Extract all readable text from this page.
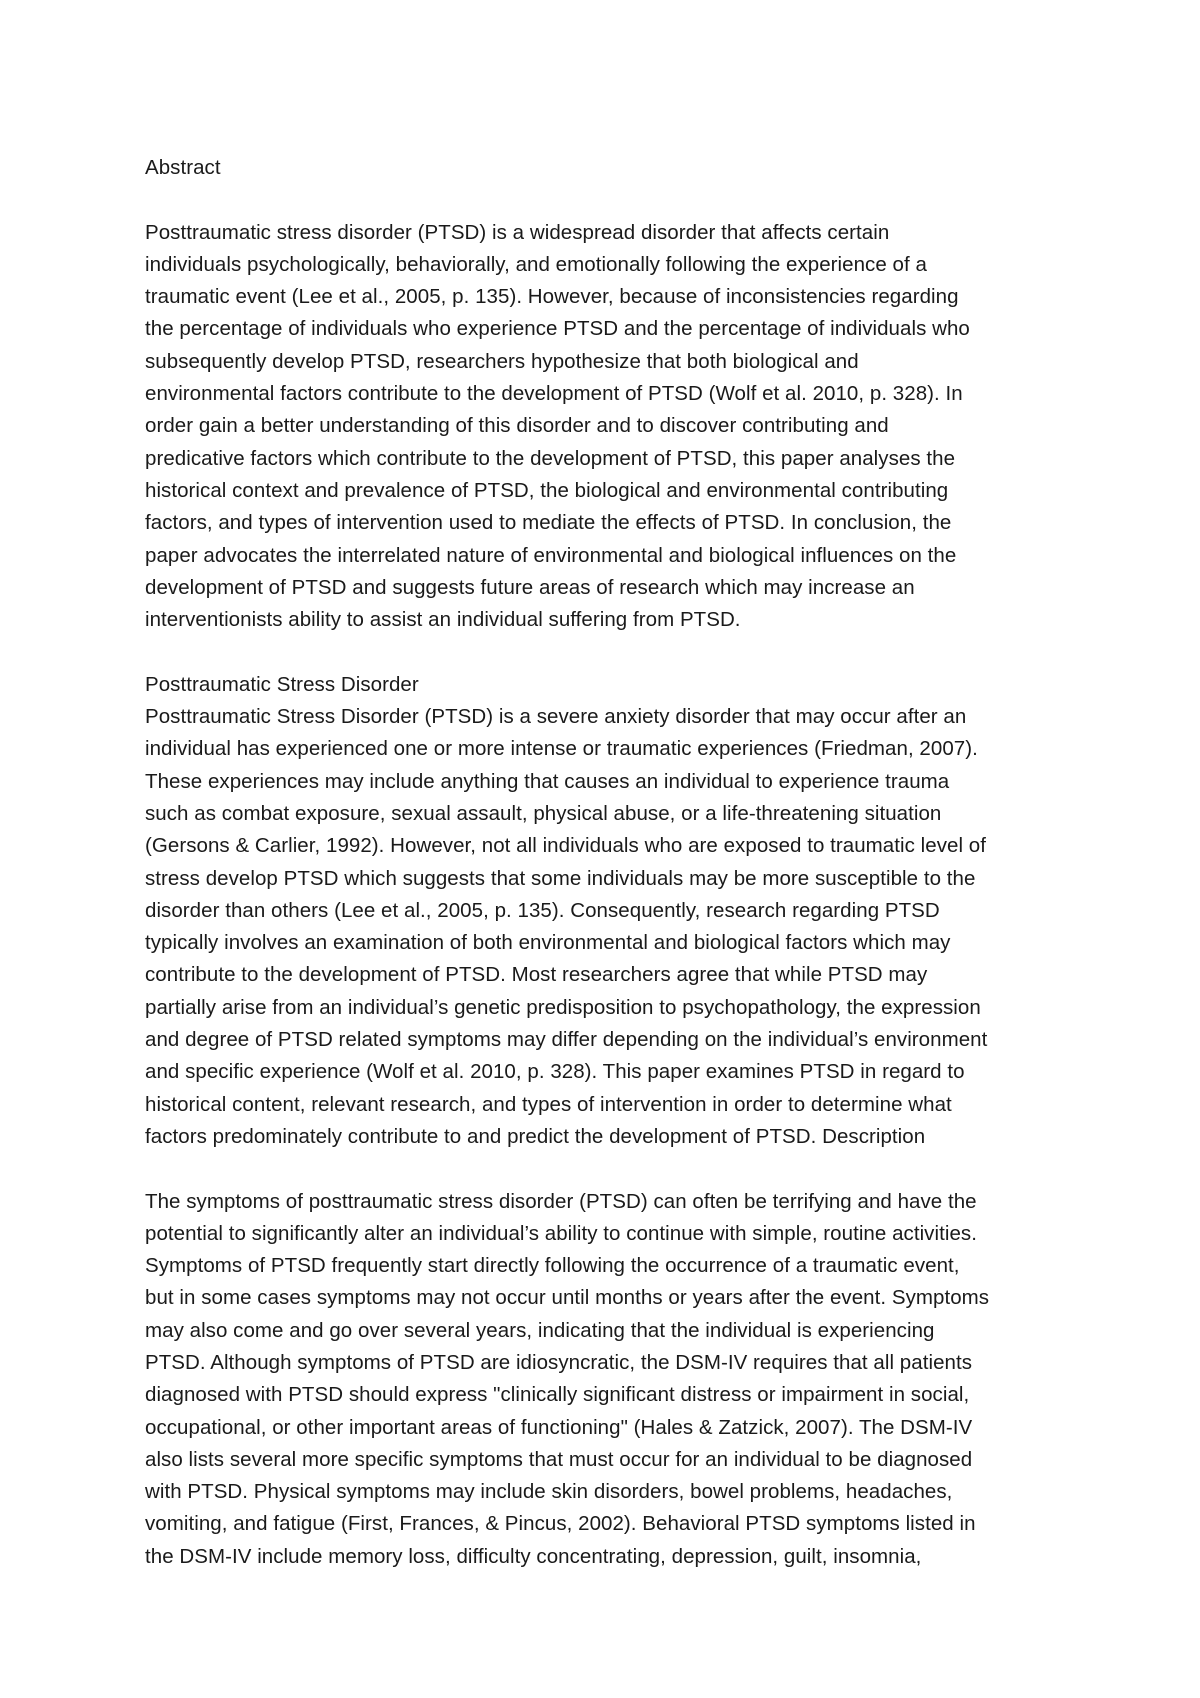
Abstract

Posttraumatic stress disorder (PTSD) is a widespread disorder that affects certain
individuals psychologically, behaviorally, and emotionally following the experience of a
traumatic event (Lee et al., 2005, p. 135). However, because of inconsistencies regarding
the percentage of individuals who experience PTSD and the percentage of individuals who
subsequently develop PTSD, researchers hypothesize that both biological and
environmental factors contribute to the development of PTSD (Wolf et al. 2010, p. 328). In
order gain a better understanding of this disorder and to discover contributing and
predicative factors which contribute to the development of PTSD, this paper analyses the
historical context and prevalence of PTSD, the biological and environmental contributing
factors, and types of intervention used to mediate the effects of PTSD. In conclusion, the
paper advocates the interrelated nature of environmental and biological influences on the
development of PTSD and suggests future areas of research which may increase an
interventionists ability to assist an individual suffering from PTSD.

Posttraumatic Stress Disorder

Posttraumatic Stress Disorder (PTSD) is a severe anxiety disorder that may occur after an
individual has experienced one or more intense or traumatic experiences (Friedman, 2007).
These experiences may include anything that causes an individual to experience trauma
such as combat exposure, sexual assault, physical abuse, or a life-threatening situation
(Gersons & Carlier, 1992). However, not all individuals who are exposed to traumatic level of
stress develop PTSD which suggests that some individuals may be more susceptible to the
disorder than others (Lee et al., 2005, p. 135). Consequently, research regarding PTSD
typically involves an examination of both environmental and biological factors which may
contribute to the development of PTSD. Most researchers agree that while PTSD may
partially arise from an individual’s genetic predisposition to psychopathology, the expression
and degree of PTSD related symptoms may differ depending on the individual’s environment
and specific experience (Wolf et al. 2010, p. 328). This paper examines PTSD in regard to
historical content, relevant research, and types of intervention in order to determine what
factors predominately contribute to and predict the development of PTSD. Description

The symptoms of posttraumatic stress disorder (PTSD) can often be terrifying and have the
potential to significantly alter an individual’s ability to continue with simple, routine activities.
Symptoms of PTSD frequently start directly following the occurrence of a traumatic event,
but in some cases symptoms may not occur until months or years after the event. Symptoms
may also come and go over several years, indicating that the individual is experiencing
PTSD. Although symptoms of PTSD are idiosyncratic, the DSM-IV requires that all patients
diagnosed with PTSD should express "clinically significant distress or impairment in social,
occupational, or other important areas of functioning" (Hales & Zatzick, 2007). The DSM-IV
also lists several more specific symptoms that must occur for an individual to be diagnosed
with PTSD. Physical symptoms may include skin disorders, bowel problems, headaches,
vomiting, and fatigue (First, Frances, & Pincus, 2002). Behavioral PTSD symptoms listed in
the DSM-IV include memory loss, difficulty concentrating, depression, guilt, insomnia,
